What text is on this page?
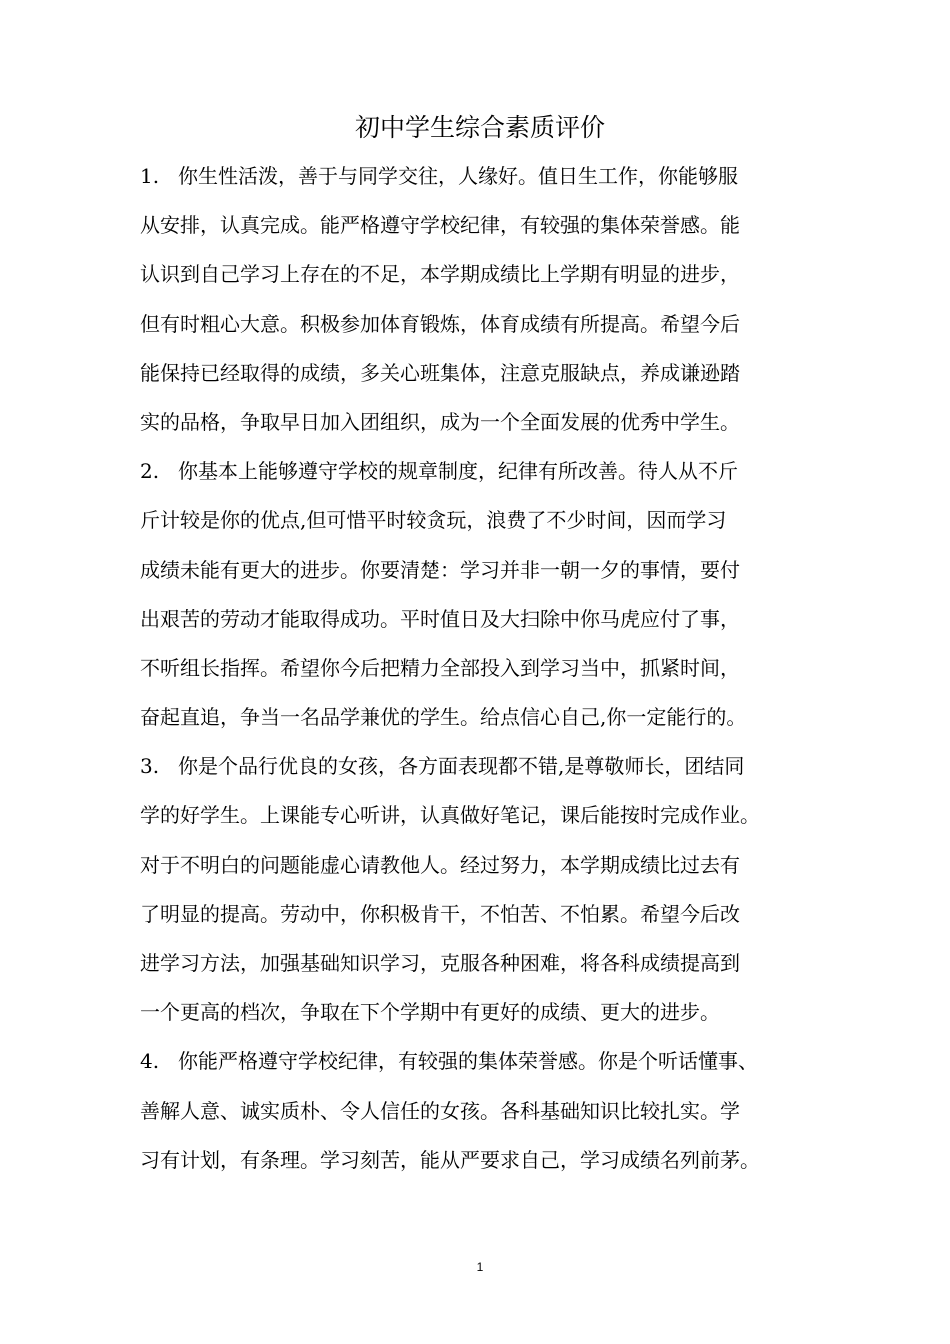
初中学生综合素质评价
1. 你生性活泼，善于与同学交往，人缘好。值日生工作，你能够服
从安排，认真完成。能严格遵守学校纪律，有较强的集体荣誉感。能
认识到自己学习上存在的不足，本学期成绩比上学期有明显的进步，
但有时粗心大意。积极参加体育锻炼，体育成绩有所提高。希望今后
能保持已经取得的成绩，多关心班集体，注意克服缺点，养成谦逊踏
实的品格，争取早日加入团组织，成为一个全面发展的优秀中学生。
2. 你基本上能够遵守学校的规章制度，纪律有所改善。待人从不斤
斤计较是你的优点,但可惜平时较贪玩，浪费了不少时间，因而学习
成绩未能有更大的进步。你要清楚：学习并非一朝一夕的事情，要付
出艰苦的劳动才能取得成功。平时值日及大扫除中你马虎应付了事，
不听组长指挥。希望你今后把精力全部投入到学习当中，抓紧时间，
奋起直追，争当一名品学兼优的学生。给点信心自己,你一定能行的。
3. 你是个品行优良的女孩，各方面表现都不错,是尊敬师长，团结同
学的好学生。上课能专心听讲，认真做好笔记，课后能按时完成作业。
对于不明白的问题能虚心请教他人。经过努力，本学期成绩比过去有
了明显的提高。劳动中，你积极肯干，不怕苦、不怕累。希望今后改
进学习方法，加强基础知识学习，克服各种困难，将各科成绩提高到
一个更高的档次，争取在下个学期中有更好的成绩、更大的进步。
4. 你能严格遵守学校纪律，有较强的集体荣誉感。你是个听话懂事、
善解人意、诚实质朴、令人信任的女孩。各科基础知识比较扎实。学
习有计划，有条理。学习刻苦，能从严要求自己，学习成绩名列前茅。
1
